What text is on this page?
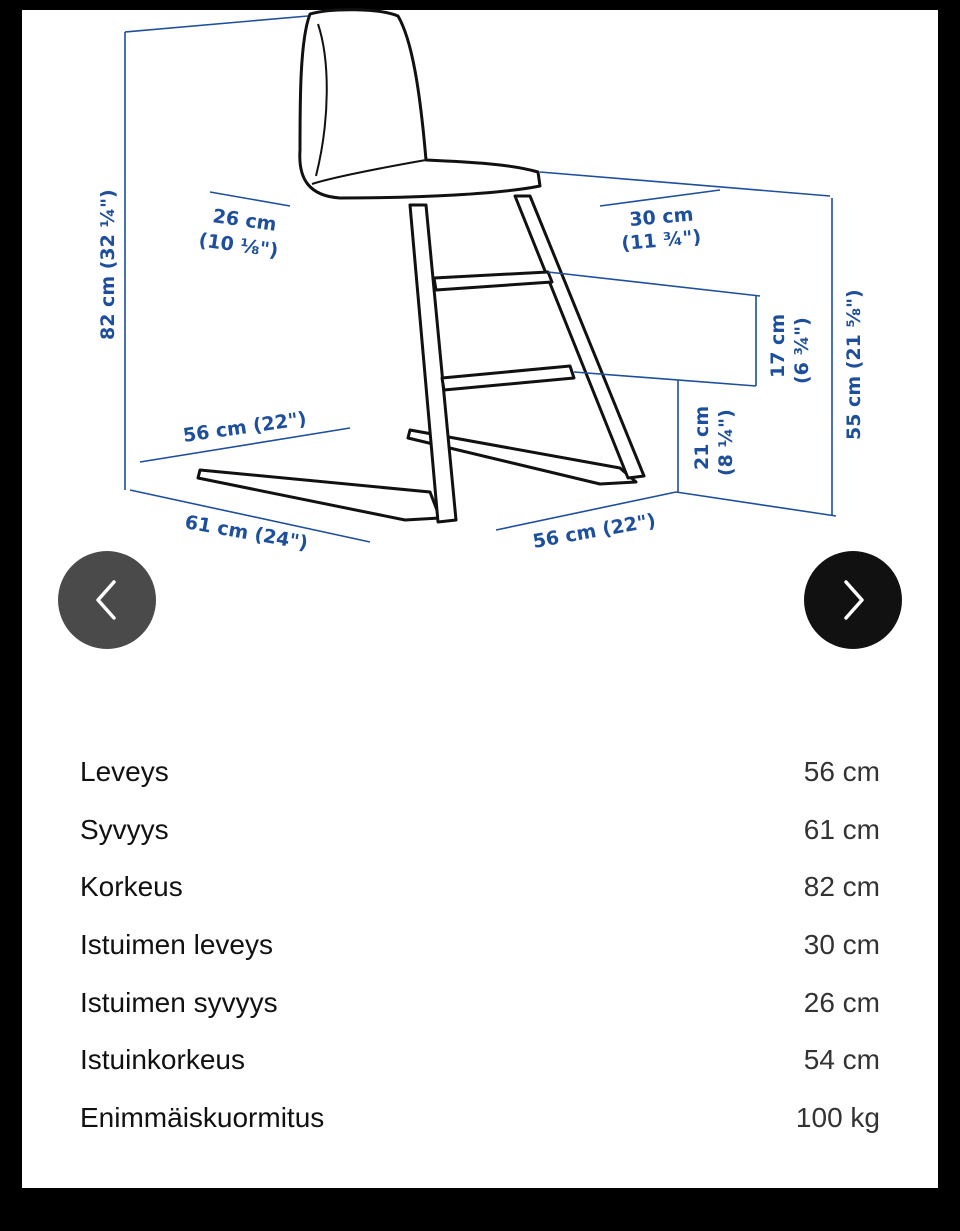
82 cm (32 ¼")	26 cm
(10 ⅛")
30 cm
(11 ¾")
17 cm (6 ¾") 55 cm (21 ⅝")
21 cm (8 ¼")
56 cm (22")
61 cm (24")	56 cm (22")
Leveys	56 cm
Syvyys	61 cm
Korkeus	82 cm
Istuimen leveys	30 cm
Istuimen syvyys	26 cm
Istuinkorkeus	54 cm
Enimmäiskuormitus	100 kg
